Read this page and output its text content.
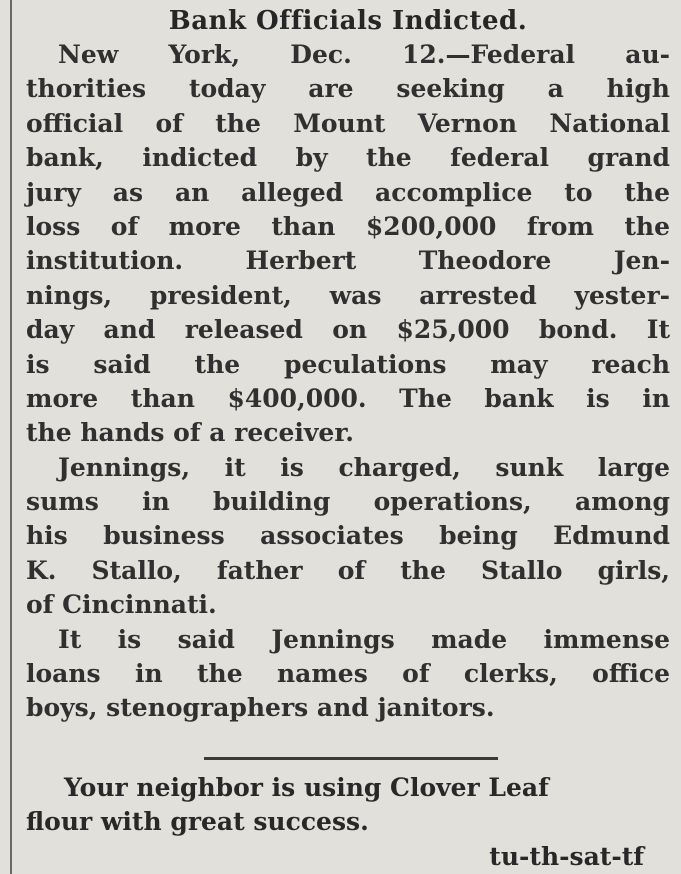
Bank Officials Indicted.
New York, Dec. 12.—Federal au-
thorities today are seeking a high
official of the Mount Vernon National
bank, indicted by the federal grand
jury as an alleged accomplice to the
loss of more than $200,000 from the
institution. Herbert Theodore Jen-
nings, president, was arrested yester-
day and released on $25,000 bond. It
is said the peculations may reach
more than $400,000. The bank is in
the hands of a receiver.
Jennings, it is charged, sunk large
sums in building operations, among
his business associates being Edmund
K. Stallo, father of the Stallo girls,
of Cincinnati.
It is said Jennings made immense
loans in the names of clerks, office
boys, stenographers and janitors.
Your neighbor is using Clover Leaf
flour with great success.
tu-th-sat-tf
